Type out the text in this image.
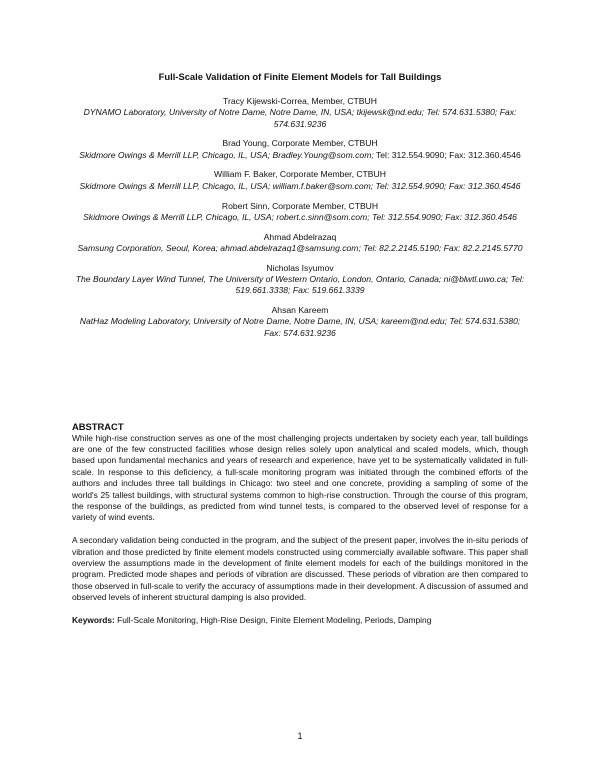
Full-Scale Validation of Finite Element Models for Tall Buildings
Tracy Kijewski-Correa, Member, CTBUH
DYNAMO Laboratory, University of Notre Dame, Notre Dame, IN, USA; tkijewsk@nd.edu; Tel: 574.631.5380; Fax: 574.631.9236
Brad Young, Corporate Member, CTBUH
Skidmore Owings & Merrill LLP, Chicago, IL, USA; Bradley.Young@som.com; Tel: 312.554.9090; Fax: 312.360.4546
William F. Baker, Corporate Member, CTBUH
Skidmore Owings & Merrill LLP, Chicago, IL, USA; william.f.baker@som.com; Tel: 312.554.9090; Fax: 312.360.4546
Robert Sinn, Corporate Member, CTBUH
Skidmore Owings & Merrill LLP, Chicago, IL, USA; robert.c.sinn@som.com; Tel: 312.554.9090; Fax: 312.360.4546
Ahmad Abdelrazaq
Samsung Corporation, Seoul, Korea; ahmad.abdelrazaq1@samsung.com; Tel: 82.2.2145.5190; Fax: 82.2.2145.5770
Nicholas Isyumov
The Boundary Layer Wind Tunnel, The University of Western Ontario, London, Ontario, Canada; ni@blwtl.uwo.ca; Tel: 519.661.3338; Fax: 519.661.3339
Ahsan Kareem
NatHaz Modeling Laboratory, University of Notre Dame, Notre Dame, IN, USA; kareem@nd.edu; Tel: 574.631.5380; Fax: 574.631.9236

ABSTRACT

While high-rise construction serves as one of the most challenging projects undertaken by society each year, tall buildings are one of the few constructed facilities whose design relies solely upon analytical and scaled models, which, though based upon fundamental mechanics and years of research and experience, have yet to be systematically validated in full-scale. In response to this deficiency, a full-scale monitoring program was initiated through the combined efforts of the authors and includes three tall buildings in Chicago: two steel and one concrete, providing a sampling of some of the world's 25 tallest buildings, with structural systems common to high-rise construction. Through the course of this program, the response of the buildings, as predicted from wind tunnel tests, is compared to the observed level of response for a variety of wind events.

A secondary validation being conducted in the program, and the subject of the present paper, involves the in-situ periods of vibration and those predicted by finite element models constructed using commercially available software. This paper shall overview the assumptions made in the development of finite element models for each of the buildings monitored in the program. Predicted mode shapes and periods of vibration are discussed. These periods of vibration are then compared to those observed in full-scale to verify the accuracy of assumptions made in their development. A discussion of assumed and observed levels of inherent structural damping is also provided.

Keywords: Full-Scale Monitoring, High-Rise Design, Finite Element Modeling, Periods, Damping

1
